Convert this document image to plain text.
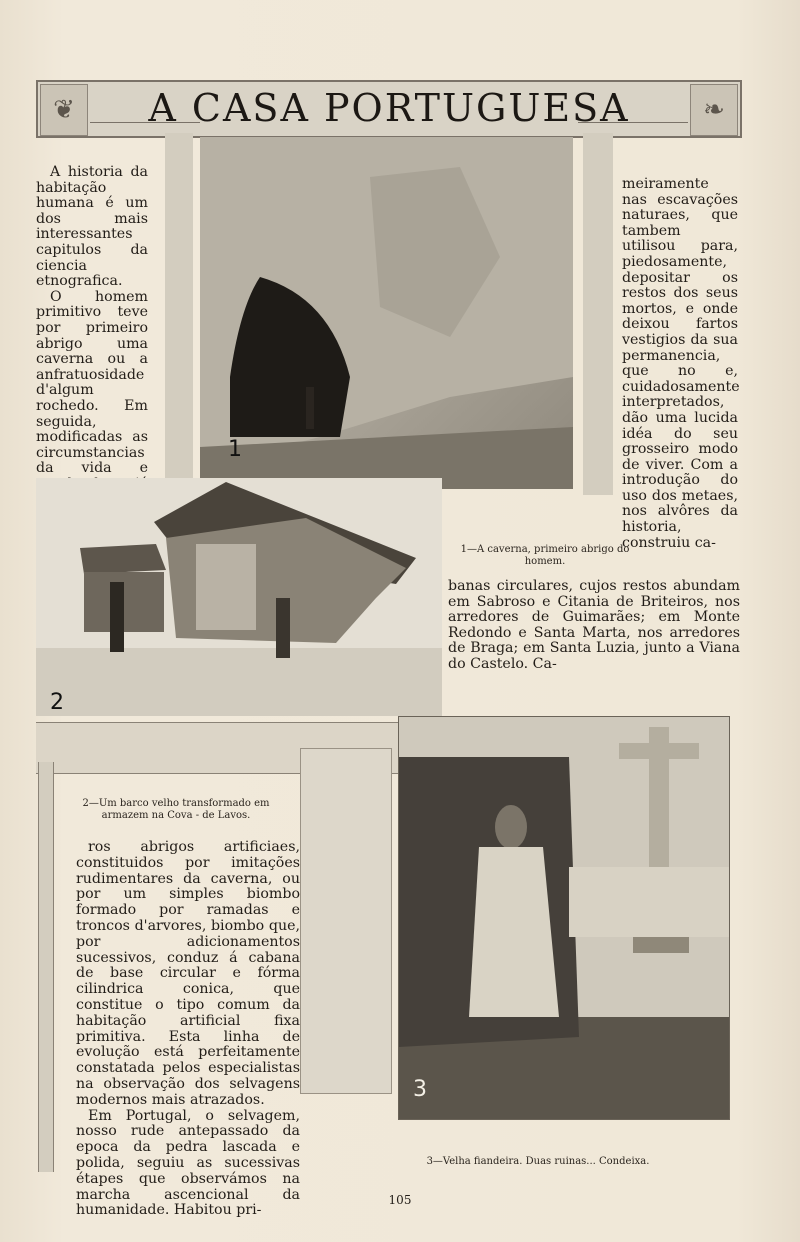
❦	❧
A CASA PORTUGUESA
1

A historia da habitação humana é um dos mais interessantes capitulos da ciencia etnografica.

O homem primitivo teve por primeiro abrigo uma caverna ou a anfratuosidade d'algum rochedo. Em seguida, modificadas as circumstancias da vida e

meiramente nas escavações naturaes, que tambem utilisou para, piedosamente, depositar os restos dos seus mortos, e onde deixou fartos vestigios da sua permanencia, que no e, cuidadosamente interpretados, dão uma lucida idéa do seu grosseiro modo de viver. Com a introdução do uso dos metaes, nos alvôres da historia, construiu ca-

2
1—A caverna, primeiro abrigo do homem.
banas circulares, cujos restos abundam em Sabroso e Citania de Briteiros, nos arredores de Guimarães; em Monte Redondo e Santa Marta, nos arredores de Braga; em Santa Luzia, junto a Viana do Castelo. Ca-
2—Um barco velho transformado em armazem na Cova - de Lavos.

ros abrigos artificiaes, constituidos por imitações rudimentares da caverna, ou por um simples biombo formado por ramadas e troncos d'arvores, biombo que, por adicionamentos sucessivos, conduz á cabana de base circular e fórma cilindrica conica, que constitue o tipo comum da habitação artificial fixa primitiva. Esta linha de evolução está perfeitamente constatada pelos especialistas na observação dos selvagens modernos mais atrazados.

Em Portugal, o selvagem, nosso rude antepassado da epoca da pedra lascada e polida, seguiu as sucessivas étapes que observámos na marcha ascencional da humanidade. Habitou pri-

3
3—Velha fiandeira. Duas ruinas... Condeixa.
105
